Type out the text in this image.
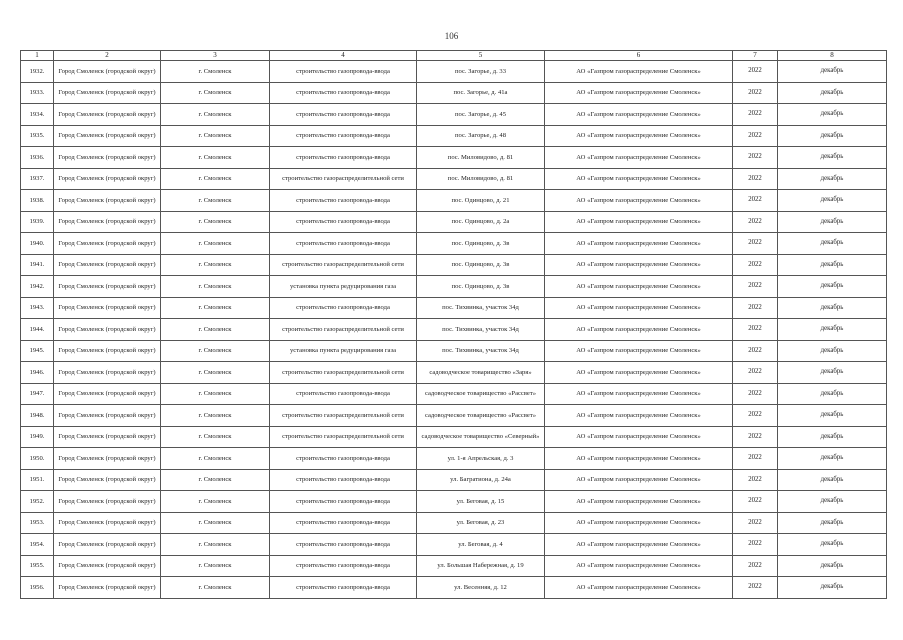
106
1	2	3	4	5	6	7	8
1932.	Город Смоленск (городской округ)	г. Смоленск	строительство газопровода-ввода	пос. Загорье, д. 33	АО «Газпром газораспределение Смоленск»	2022	декабрь
1933.	Город Смоленск (городской округ)	г. Смоленск	строительство газопровода-ввода	пос. Загорье, д. 41а	АО «Газпром газораспределение Смоленск»	2022	декабрь
1934.	Город Смоленск (городской округ)	г. Смоленск	строительство газопровода-ввода	пос. Загорье, д. 45	АО «Газпром газораспределение Смоленск»	2022	декабрь
1935.	Город Смоленск (городской округ)	г. Смоленск	строительство газопровода-ввода	пос. Загорье, д. 48	АО «Газпром газораспределение Смоленск»	2022	декабрь
1936.	Город Смоленск (городской округ)	г. Смоленск	строительство газопровода-ввода	пос. Миловидово, д. 81	АО «Газпром газораспределение Смоленск»	2022	декабрь
1937.	Город Смоленск (городской округ)	г. Смоленск	строительство газораспределительной сети	пос. Миловидово, д. 81	АО «Газпром газораспределение Смоленск»	2022	декабрь
1938.	Город Смоленск (городской округ)	г. Смоленск	строительство газопровода-ввода	пос. Одинцово, д. 21	АО «Газпром газораспределение Смоленск»	2022	декабрь
1939.	Город Смоленск (городской округ)	г. Смоленск	строительство газопровода-ввода	пос. Одинцово, д. 2а	АО «Газпром газораспределение Смоленск»	2022	декабрь
1940.	Город Смоленск (городской округ)	г. Смоленск	строительство газопровода-ввода	пос. Одинцово, д. 3в	АО «Газпром газораспределение Смоленск»	2022	декабрь
1941.	Город Смоленск (городской округ)	г. Смоленск	строительство газораспределительной сети	пос. Одинцово, д. 3в	АО «Газпром газораспределение Смоленск»	2022	декабрь
1942.	Город Смоленск (городской округ)	г. Смоленск	установка пункта редуцирования газа	пос. Одинцово, д. 3в	АО «Газпром газораспределение Смоленск»	2022	декабрь
1943.	Город Смоленск (городской округ)	г. Смоленск	строительство газопровода-ввода	пос. Тихвинка, участок 34д	АО «Газпром газораспределение Смоленск»	2022	декабрь
1944.	Город Смоленск (городской округ)	г. Смоленск	строительство газораспределительной сети	пос. Тихвинка, участок 34д	АО «Газпром газораспределение Смоленск»	2022	декабрь
1945.	Город Смоленск (городской округ)	г. Смоленск	установка пункта редуцирования газа	пос. Тихвинка, участок 34д	АО «Газпром газораспределение Смоленск»	2022	декабрь
1946.	Город Смоленск (городской округ)	г. Смоленск	строительство газораспределительной сети	садоводческое товарищество «Заря»	АО «Газпром газораспределение Смоленск»	2022	декабрь
1947.	Город Смоленск (городской округ)	г. Смоленск	строительство газопровода-ввода	садоводческое товарищество «Рассвет»	АО «Газпром газораспределение Смоленск»	2022	декабрь
1948.	Город Смоленск (городской округ)	г. Смоленск	строительство газораспределительной сети	садоводческое товарищество «Рассвет»	АО «Газпром газораспределение Смоленск»	2022	декабрь
1949.	Город Смоленск (городской округ)	г. Смоленск	строительство газораспределительной сети	садоводческое товарищество «Северный»	АО «Газпром газораспределение Смоленск»	2022	декабрь
1950.	Город Смоленск (городской округ)	г. Смоленск	строительство газопровода-ввода	ул. 1-я Апрельская, д. 3	АО «Газпром газораспределение Смоленск»	2022	декабрь
1951.	Город Смоленск (городской округ)	г. Смоленск	строительство газопровода-ввода	ул. Багратиона, д. 24а	АО «Газпром газораспределение Смоленск»	2022	декабрь
1952.	Город Смоленск (городской округ)	г. Смоленск	строительство газопровода-ввода	ул. Беговая, д. 15	АО «Газпром газораспределение Смоленск»	2022	декабрь
1953.	Город Смоленск (городской округ)	г. Смоленск	строительство газопровода-ввода	ул. Беговая, д. 23	АО «Газпром газораспределение Смоленск»	2022	декабрь
1954.	Город Смоленск (городской округ)	г. Смоленск	строительство газопровода-ввода	ул. Беговая, д. 4	АО «Газпром газораспределение Смоленск»	2022	декабрь
1955.	Город Смоленск (городской округ)	г. Смоленск	строительство газопровода-ввода	ул. Большая Набережная, д. 19	АО «Газпром газораспределение Смоленск»	2022	декабрь
1956.	Город Смоленск (городской округ)	г. Смоленск	строительство газопровода-ввода	ул. Весенняя, д. 12	АО «Газпром газораспределение Смоленск»	2022	декабрь
